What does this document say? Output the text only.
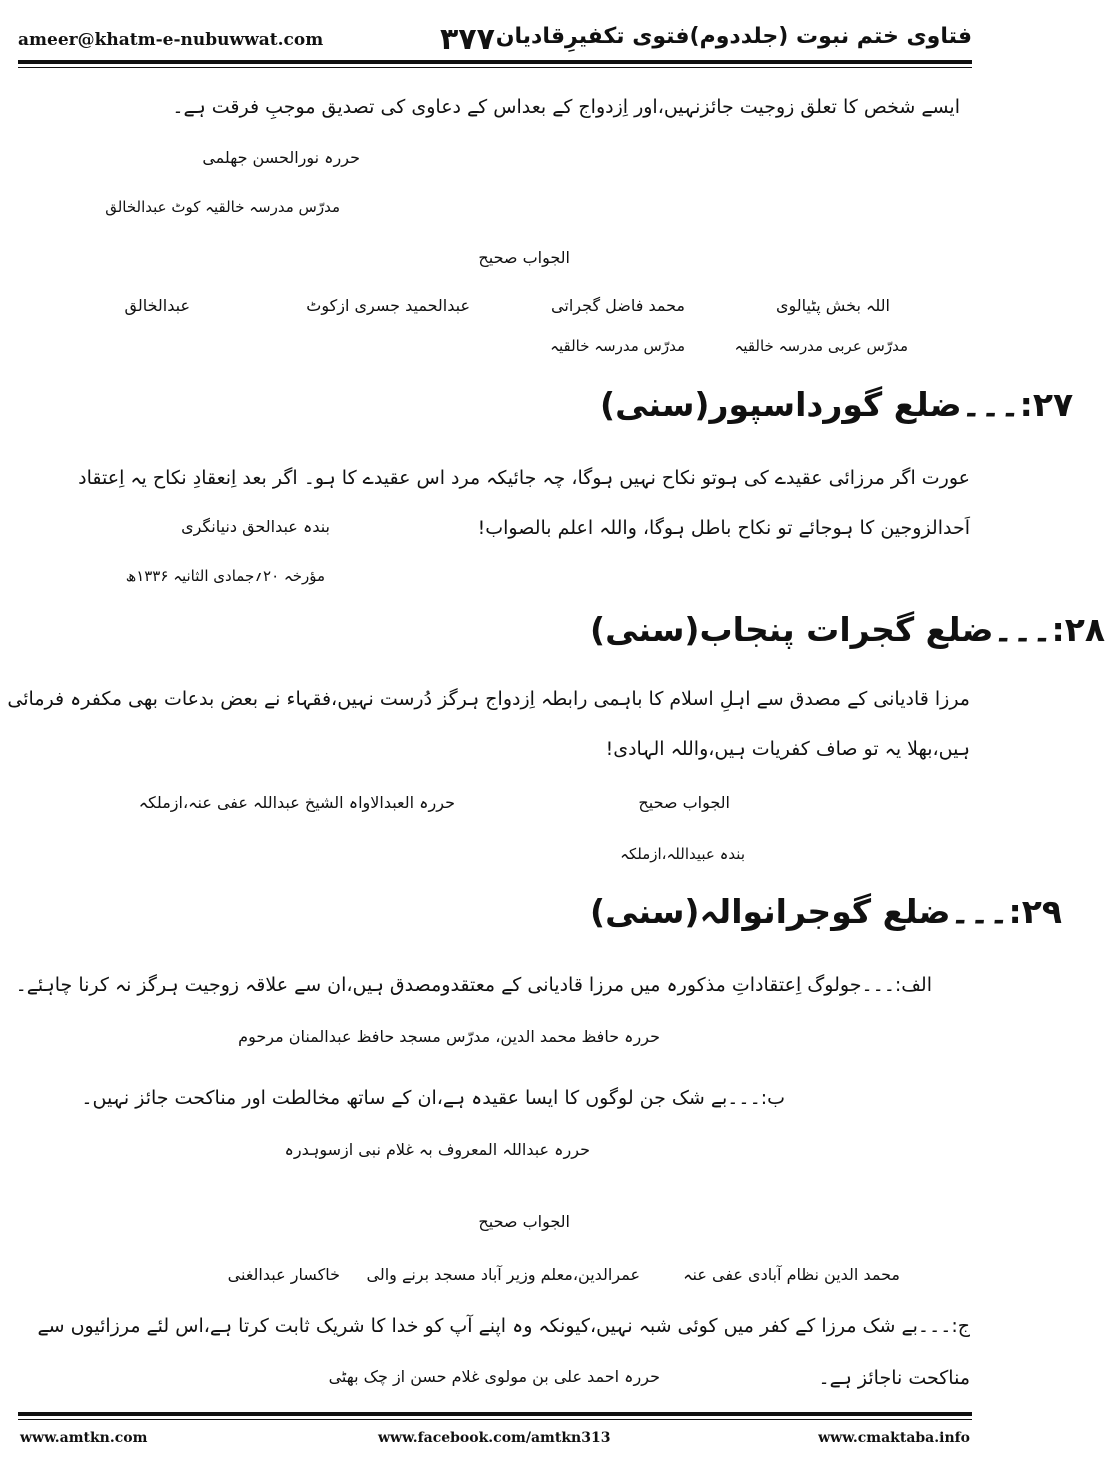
ameer@khatm-e-nubuwwat.com	۳۷۷ فتاوی ختم نبوت (جلددوم)فتوی تکفیرِقادیان
ایسے شخص کا تعلق زوجیت جائزنہیں،اور اِزدواج کے بعداس کے دعاوی کی تصدیق موجبِ فرقت ہے۔
حررہ نورالحسن جھلمی
مدرّس مدرسہ خالقیہ کوٹ عبدالخالق
الجواب صحیح
اللہ بخش پٹیالوی
مدرّس عربی مدرسہ خالقیہ
محمد فاضل گجراتی
مدرّس مدرسہ خالقیہ
عبدالحمید جسری ازکوٹ
عبدالخالق
۲۷:۔۔۔ضلع گورداسپور(سنی)
عورت اگر مرزائی عقیدے کی ہوتو نکاح نہیں ہوگا، چہ جائیکہ مرد اس عقیدے کا ہو۔ اگر بعد اِنعقادِ نکاح یہ اِعتقاد
اَحدالزوجین کا ہوجائے تو نکاح باطل ہوگا، واللہ اعلم بالصواب!
بندہ عبدالحق دنیانگری
مؤرخہ ۲۰؍جمادی الثانیہ ۱۳۳۶ھ
۲۸:۔۔۔ضلع گجرات پنجاب(سنی)
مرزا قادیانی کے مصدق سے اہلِ اسلام کا باہمی رابطہ اِزدواج ہرگز دُرست نہیں،فقہاء نے بعض بدعات بھی مکفرہ فرمائی
ہیں،بھلا یہ تو صاف کفریات ہیں،واللہ الہادی!
الجواب صحیح
حررہ العبدالاواہ الشیخ عبداللہ عفی عنہ،ازملکہ
بندہ عبیداللہ،ازملکہ
۲۹:۔۔۔ضلع گوجرانوالہ(سنی)
الف:۔۔۔جولوگ اِعتقاداتِ مذکورہ میں مرزا قادیانی کے معتقدومصدق ہیں،ان سے علاقہ زوجیت ہرگز نہ کرنا چاہئے۔
حررہ حافظ محمد الدین، مدرّس مسجد حافظ عبدالمنان مرحوم
ب:۔۔۔بے شک جن لوگوں کا ایسا عقیدہ ہے،ان کے ساتھ مخالطت اور مناکحت جائز نہیں۔
حررہ عبداللہ المعروف بہ غلام نبی ازسوہدرہ
الجواب صحیح
محمد الدین نظام آبادی عفی عنہ
عمرالدین،معلم وزیر آباد مسجد برنے والی
خاکسار عبدالغنی
ج:۔۔۔بے شک مرزا کے کفر میں کوئی شبہ نہیں،کیونکہ وہ اپنے آپ کو خدا کا شریک ثابت کرتا ہے،اس لئے مرزائیوں سے
مناکحت ناجائز ہے۔
حررہ احمد علی بن مولوی غلام حسن از چک بھٹی
www.amtkn.com	www.facebook.com/amtkn313	www.cmaktaba.info
